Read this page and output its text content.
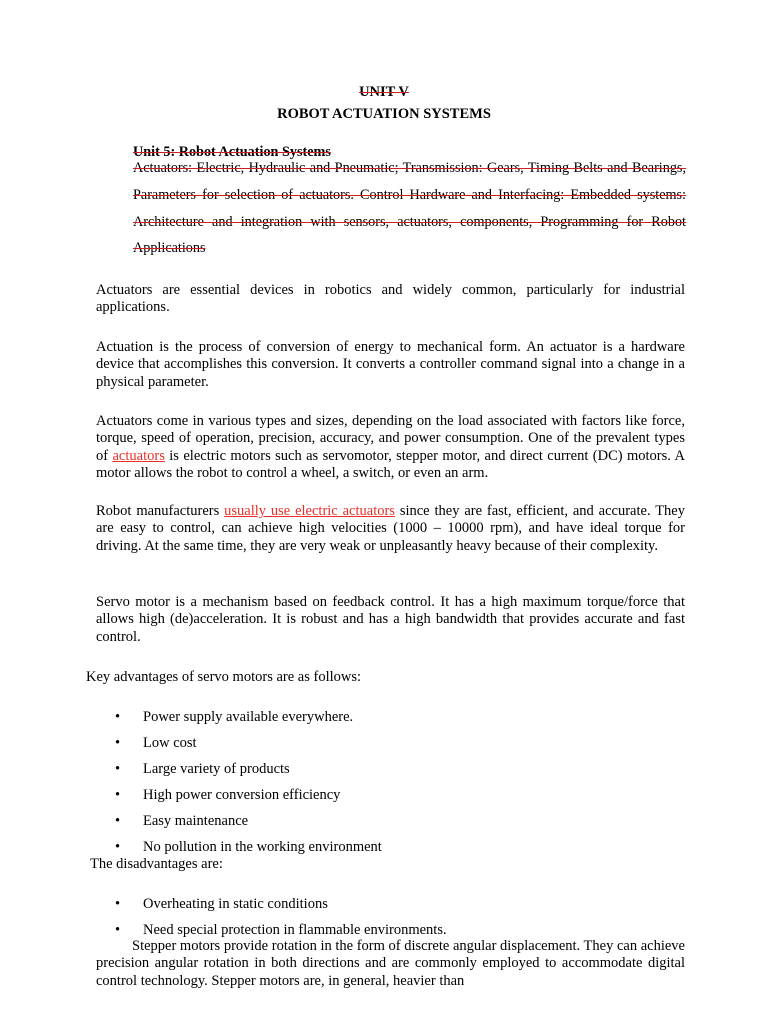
UNIT V
ROBOT ACTUATION SYSTEMS
Unit 5: Robot Actuation Systems

Actuators: Electric, Hydraulic and Pneumatic; Transmission: Gears, Timing Belts and Bearings, Parameters for selection of actuators. Control Hardware and Interfacing: Embedded systems: Architecture and integration with sensors, actuators, components, Programming for Robot Applications

Actuators are essential devices in robotics and widely common, particularly for industrial applications.

Actuation is the process of conversion of energy to mechanical form. An actuator is a hardware device that accomplishes this conversion. It converts a controller command signal into a change in a physical parameter.

Actuators come in various types and sizes, depending on the load associated with factors like force, torque, speed of operation, precision, accuracy, and power consumption. One of the prevalent types of actuators is electric motors such as servomotor, stepper motor, and direct current (DC) motors. A motor allows the robot to control a wheel, a switch, or even an arm.

Robot manufacturers usually use electric actuators since they are fast, efficient, and accurate. They are easy to control, can achieve high velocities (1000 – 10000 rpm), and have ideal torque for driving. At the same time, they are very weak or unpleasantly heavy because of their complexity.

Servo motor is a mechanism based on feedback control. It has a high maximum torque/force that allows high (de)acceleration. It is robust and has a high bandwidth that provides accurate and fast control.

Key advantages of servo motors are as follows:

•	Power supply available everywhere.
•	Low cost
•	Large variety of products
•	High power conversion efficiency
•	Easy maintenance
•	No pollution in the working environment

The disadvantages are:

•	Overheating in static conditions
•	Need special protection in flammable environments.

Stepper motors provide rotation in the form of discrete angular displacement. They can achieve precision angular rotation in both directions and are commonly employed to accommodate digital control technology. Stepper motors are, in general, heavier than
